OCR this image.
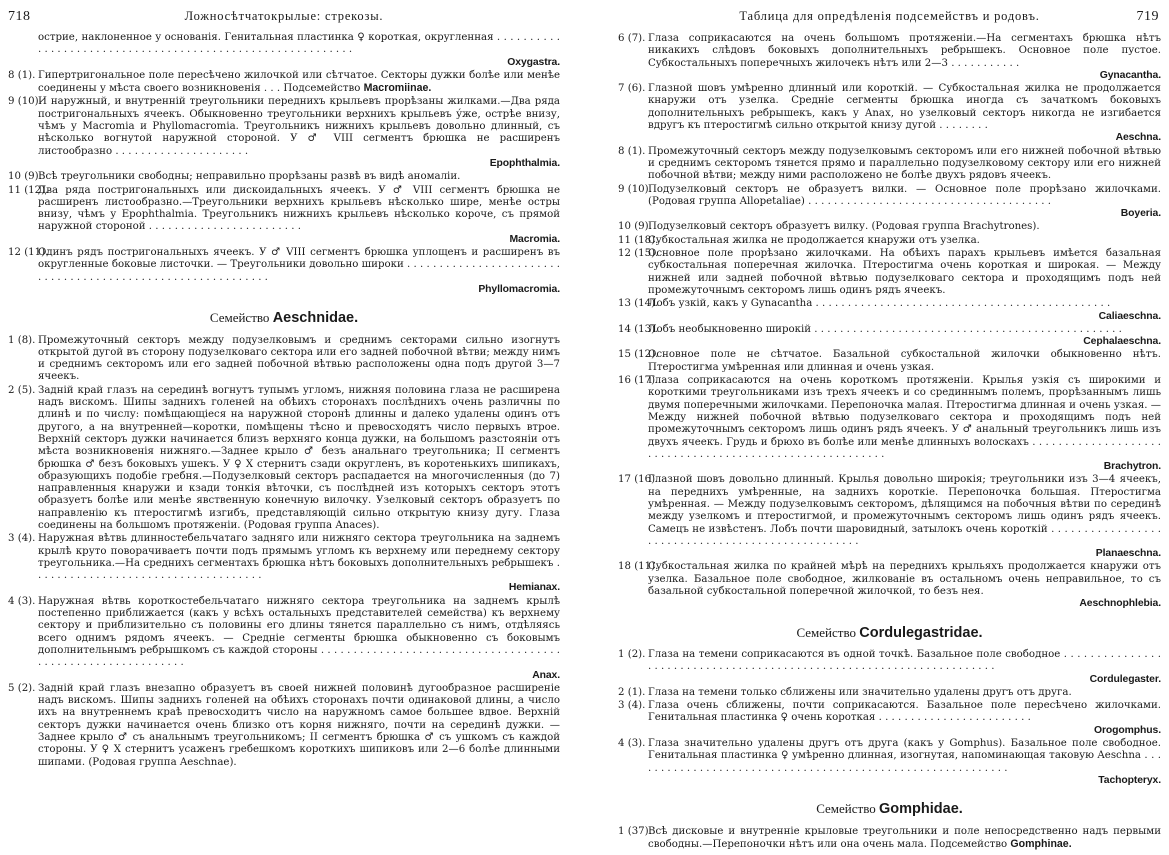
718	Ложносѣтчатокрылые: стрекозы.

острие, наклоненное у основанія. Генитальная пластинка ♀ короткая, округленная . . . . . . . . . . . . . . . . . . . . . . . . . . . . . . . . . . . . . . . . . . . . . . . . . . . . . . . . . . .
Oxygastra.

8 (1). Гипертригональное поле пересѣчено жилочкой или сѣтчатое. Секторы дужки болѣе или менѣе соединены у мѣста своего возникновенія . . . Подсемейство Macromiinae.

9 (10).
И наружный, и внутренній треугольники переднихъ крыльевъ прорѣзаны жилками.—Два ряда постригональныхъ ячеекъ. Обыкновенно треугольники верхнихъ крыльевъ ýже, острѣе внизу, чѣмъ у Macromia и Phyllomacromia. Треугольникъ нижнихъ крыльевъ довольно длинный, съ нѣсколько вогнутой наружной стороной. У ♂ VIII сегментъ брюшка не расширенъ листообразно . . . . . . . . . . . . . . . . . . . . .
Epophthalmia.

10 (9).
Всѣ треугольники свободны; неправильно прорѣзаны развѣ въ видѣ аномаліи.

11 (12).
Два ряда постригональныхъ или дискоидальныхъ ячеекъ. У ♂ VIII сегментъ брюшка не расширенъ листообразно.—Треугольники верхнихъ крыльевъ нѣсколько шире, менѣе остры внизу, чѣмъ у Epophthalmia. Треугольникъ нижнихъ крыльевъ нѣсколько короче, съ прямой наружной стороной . . . . . . . . . . . . . . . . . . . . . . . .
Macromia.

12 (11).
Одинъ рядъ постригональныхъ ячеекъ. У ♂ VIII сегментъ брюшка уплощенъ и расширенъ въ округленные боковые листочки. — Треугольники довольно широки . . . . . . . . . . . . . . . . . . . . . . . . . . . . . . . . . . . . . . . . . . . . . . . . . . . . . . . . . . . .
Phyllomacromia.

Семейство Aeschnidae.

1 (8). Промежуточный секторъ между подузелковымъ и среднимъ секторами сильно изогнутъ открытой дугой въ сторону подузелковаго сектора или его задней побочной вѣтви; между нимъ и среднимъ секторомъ или его задней побочной вѣтвью расположены одна подъ другой 3—7 ячеекъ.

2 (5). Задній край глазъ на серединѣ вогнутъ тупымъ угломъ, нижняя половина глаза не расширена надъ вискомъ. Шипы заднихъ голеней на обѣихъ сторонахъ послѣднихъ очень различны по длинѣ и по числу: помѣщающіеся на наружной сторонѣ длинны и далеко удалены одинъ отъ другого, а на внутренней—коротки, помѣщены тѣсно и превосходятъ число первыхъ втрое. Верхній секторъ дужки начинается близъ верхняго конца дужки, на большомъ разстояніи отъ мѣста возникновенія нижняго.—Заднее крыло ♂ безъ анальнаго треугольника; II сегментъ брюшка ♂ безъ боковыхъ ушекъ. У ♀ X стернитъ сзади округленъ, въ коротенькихъ шипикахъ, образующихъ подобіе гребня.—Подузелковый секторъ распадается на многочисленныя (до 7) направленныя кнаружи и кзади тонкія вѣточки, съ послѣдней изъ которыхъ секторъ этотъ образуетъ болѣе или менѣе явственную конечную вилочку. Узелковый секторъ образуетъ по направленію къ птеростигмѣ изгибъ, представляющій сильно открытую книзу дугу. Глаза соединены на большомъ протяженіи. (Родовая группа Anaces).

3 (4). Наружная вѣтвь длинностебельчатаго задняго или нижняго сектора треугольника на заднемъ крылѣ круто поворачиваетъ почти подъ прямымъ угломъ къ верхнему или переднему сектору треугольника.—На среднихъ сегментахъ брюшка нѣтъ боковыхъ дополнительныхъ ребрышекъ . . . . . . . . . . . . . . . . . . . . . . . . . . . . . . . . . . . .
Hemianax.

4 (3). Наружная вѣтвь короткостебельчатаго нижняго сектора треугольника на заднемъ крылѣ постепенно приближается (какъ у всѣхъ остальныхъ представителей семейства) къ верхнему сектору и приблизительно съ половины его длины тянется параллельно съ нимъ, отдѣляясь всего однимъ рядомъ ячеекъ. — Средніе сегменты брюшка обыкновенно съ боковымъ дополнительнымъ ребрышкомъ съ каждой стороны . . . . . . . . . . . . . . . . . . . . . . . . . . . . . . . . . . . . . . . . . . . . . . . . . . . . . . . . . . . .
Anax.

5 (2). Задній край глазъ внезапно образуетъ въ своей нижней половинѣ дугообразное расширеніе надъ вискомъ. Шипы заднихъ голеней на обѣихъ сторонахъ почти одинаковой длины, а число ихъ на внутреннемъ краѣ превосходитъ число на наружномъ самое большее вдвое. Верхній секторъ дужки начинается очень близко отъ корня нижняго, почти на серединѣ дужки. — Заднее крыло ♂ съ анальнымъ треугольникомъ; II сегментъ брюшка ♂ съ ушкомъ съ каждой стороны. У ♀ X стернитъ усаженъ гребешкомъ короткихъ шипиковъ или 2—6 болѣе длинными шипами. (Родовая группа Aeschnae).

Таблица для опредѣленія подсемействъ и родовъ.	719

6 (7). Глаза соприкасаются на очень большомъ протяженіи.—На сегментахъ брюшка нѣтъ никакихъ слѣдовъ боковыхъ дополнительныхъ ребрышекъ. Основное поле пустое. Субкостальныхъ поперечныхъ жилочекъ нѣтъ или 2—3 . . . . . . . . . . .
Gynacantha.

7 (6). Глазной шовъ умѣренно длинный или короткій. — Субкостальная жилка не продолжается кнаружи отъ узелка. Средніе сегменты брюшка иногда съ зачаткомъ боковыхъ дополнительныхъ ребрышекъ, какъ у Anax, но узелковый секторъ никогда не изгибается вдругъ къ птеростигмѣ сильно открытой книзу дугой . . . . . . . .
Aeschna.

8 (1). Промежуточный секторъ между подузелковымъ секторомъ или его нижней побочной вѣтвью и среднимъ секторомъ тянется прямо и параллельно подузелковому сектору или его нижней побочной вѣтви; между ними расположено не болѣе двухъ рядовъ ячеекъ.

9 (10).
Подузелковый секторъ не образуетъ вилки. — Основное поле прорѣзано жилочками. (Родовая группа Allopetaliae) . . . . . . . . . . . . . . . . . . . . . . . . . . . . . . . . . . . . . .
Boyeria.

10 (9).
Подузелковый секторъ образуетъ вилку. (Родовая группа Brachytrones).

11 (18).
Субкостальная жилка не продолжается кнаружи отъ узелка.

12 (15).
Основное поле прорѣзано жилочками. На обѣихъ парахъ крыльевъ имѣется базальная субкостальная поперечная жилочка. Птеростигма очень короткая и широкая. — Между нижней или задней побочной вѣтвью подузелковаго сектора и проходящимъ подъ ней промежуточнымъ секторомъ лишь одинъ рядъ ячеекъ.

13 (14).
Лобъ узкій, какъ у Gynacantha . . . . . . . . . . . . . . . . . . . . . . . . . . . . . . . . . . . . . . . . . . . . . .
Caliaeschna.

14 (13).
Лобъ необыкновенно широкій . . . . . . . . . . . . . . . . . . . . . . . . . . . . . . . . . . . . . . . . . . . . . . . .
Cephalaeschna.

15 (12).
Основное поле не сѣтчатое. Базальной субкостальной жилочки обыкновенно нѣтъ. Птеростигма умѣренная или длинная и очень узкая.

16 (17).
Глаза соприкасаются на очень короткомъ протяженіи. Крылья узкія съ широкими и короткими треугольниками изъ трехъ ячеекъ и со срединнымъ полемъ, прорѣзаннымъ лишь двумя поперечными жилочками. Перепоночка малая. Птеростигма длинная и очень узкая. — Между нижней побочной вѣтвью подузелковаго сектора и проходящимъ подъ ней промежуточнымъ секторомъ лишь одинъ рядъ ячеекъ. У ♂ анальный треугольникъ лишь изъ двухъ ячеекъ. Грудь и брюхо въ болѣе или менѣе длинныхъ волоскахъ . . . . . . . . . . . . . . . . . . . . . . . . . . . . . . . . . . . . . . . . . . . . . . . . . . . . . . . . .
Brachytron.

17 (16).
Глазной шовъ довольно длинный. Крылья довольно широкія; треугольники изъ 3—4 ячеекъ, на переднихъ умѣренные, на заднихъ короткіе. Перепоночка большая. Птеростигма умѣренная. — Между подузелковымъ секторомъ, дѣлящимся на побочныя вѣтви по серединѣ между узелкомъ и птеростигмой, и промежуточнымъ секторомъ лишь одинъ рядъ ячеекъ. Самецъ не извѣстенъ. Лобъ почти шаровидный, затылокъ очень короткій . . . . . . . . . . . . . . . . . . . . . . . . . . . . . . . . . . . . . . . . . . . . . . . . . .
Planaeschna.

18 (11).
Субкостальная жилка по крайней мѣрѣ на переднихъ крыльяхъ продолжается кнаружи отъ узелка. Базальное поле свободное, жилкованіе въ остальномъ очень неправильное, то съ базальной субкостальной поперечной жилочкой, то безъ нея.
Aeschnophlebia.

Семейство Cordulegastridae.

1 (2). Глаза на темени соприкасаются въ одной точкѣ. Базальное поле свободное . . . . . . . . . . . . . . . . . . . . . . . . . . . . . . . . . . . . . . . . . . . . . . . . . . . . . . . . . . . . . . . . . . . . .
Cordulegaster.

2 (1). Глаза на темени только сближены или значительно удалены другъ отъ друга.

3 (4). Глаза очень сближены, почти соприкасаются. Базальное поле пересѣчено жилочками. Генитальная пластинка ♀ очень короткая . . . . . . . . . . . . . . . . . . . . . . . .
Orogomphus.

4 (3). Глаза значительно удалены другъ отъ друга (какъ у Gomphus). Базальное поле свободное. Генитальная пластинка ♀ умѣренно длинная, изогнутая, напоминающая таковую Aeschna . . . . . . . . . . . . . . . . . . . . . . . . . . . . . . . . . . . . . . . . . . . . . . . . . . . . . . . . . . .
Tachopteryx.

Семейство Gomphidae.

1 (37).
Всѣ дисковые и внутренніе крыловые треугольники и поле непосредственно надъ первыми свободны.—Перепоночки нѣтъ или она очень мала. Подсемейство Gomphinae.
